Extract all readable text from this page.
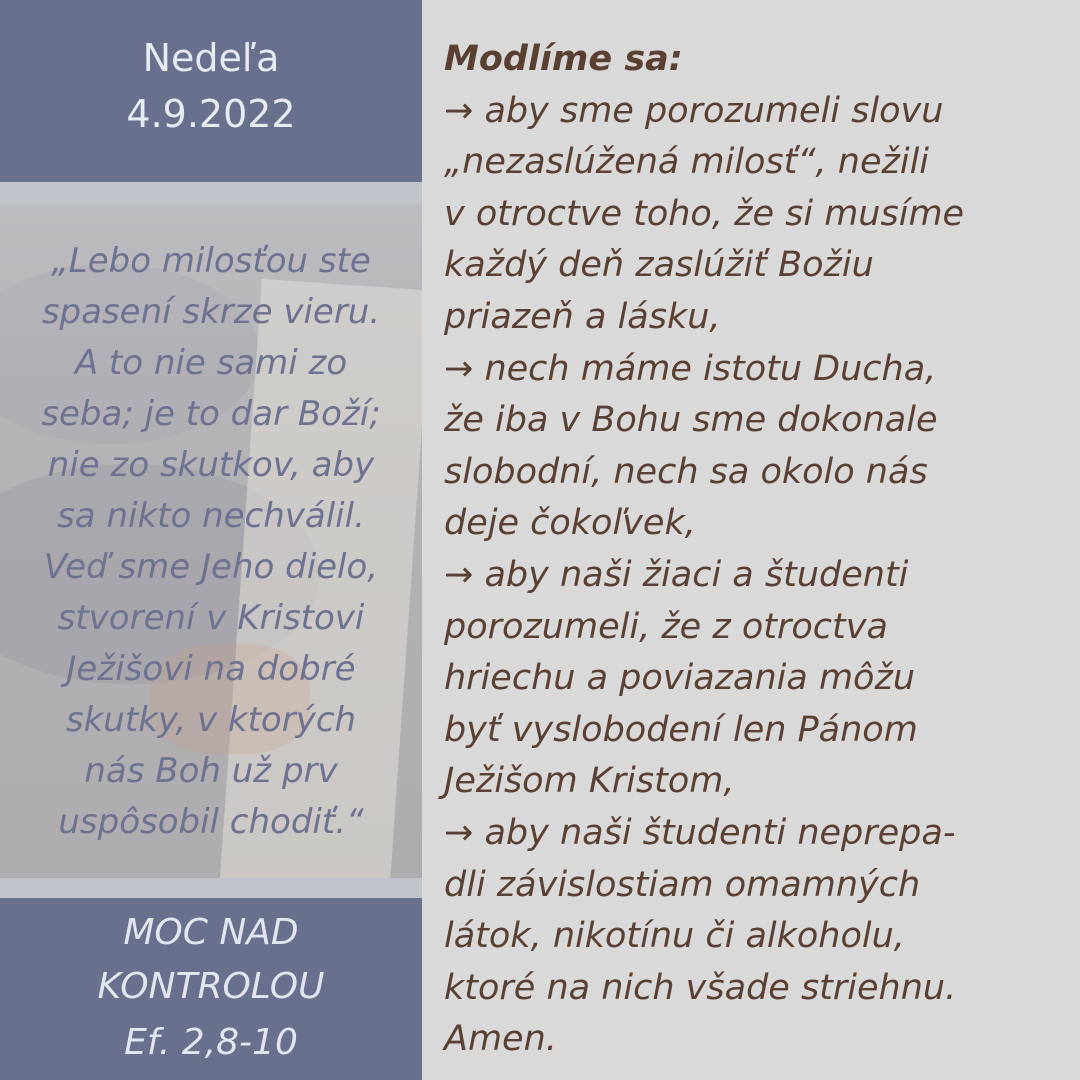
Nedeľa
4.9.2022
„Lebo milosťou ste
spasení skrze vieru.
A to nie sami zo
seba; je to dar Boží;
nie zo skutkov, aby
sa nikto nechválil.
Veď sme Jeho dielo,
stvorení v Kristovi
Ježišovi na dobré
skutky, v ktorých
nás Boh už prv
uspôsobil chodiť.“
MOC NAD
KONTROLOU
Ef. 2,8-10
Modlíme sa:
→ aby sme porozumeli slovu
„nezaslúžená milosť“, nežili
v otroctve toho, že si musíme
každý deň zaslúžiť Božiu
priazeň a lásku,
→ nech máme istotu Ducha,
že iba v Bohu sme dokonale
slobodní, nech sa okolo nás
deje čokoľvek,
→ aby naši žiaci a študenti
porozumeli, že z otroctva
hriechu a poviazania môžu
byť vyslobodení len Pánom
Ježišom Kristom,
→ aby naši študenti neprepa-
dli závislostiam omamných
látok, nikotínu či alkoholu,
ktoré na nich všade striehnu.
Amen.
